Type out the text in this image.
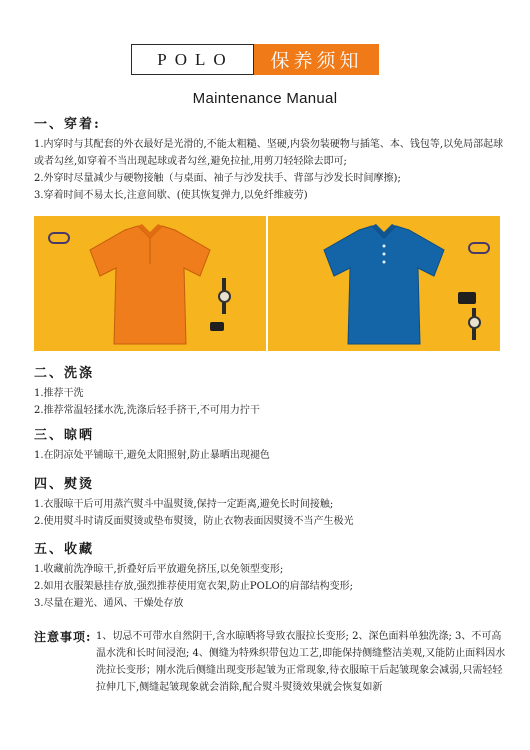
POLO	保养须知
Maintenance Manual
一、穿着:

1.内穿时与其配套的外衣最好是光滑的,不能太粗糙、坚硬,内袋勿装硬物与插笔、本、钱包等,以免局部起球或者勾丝,如穿着不当出现起球或者勾丝,避免拉扯,用剪刀轻轻除去即可;

2.外穿时尽量减少与硬物接触（与桌面、袖子与沙发扶手、背部与沙发长时间摩擦);

3.穿着时间不易太长,注意间歇、(使其恢复弹力,以免纤维疲劳)

二、洗涤

1.推荐干洗

2.推荐常温轻揉水洗,洗涤后轻手挤干,不可用力拧干

三、晾晒

1.在阴凉处平铺晾干,避免太阳照射,防止暴晒出现褪色

四、熨烫

1.衣服晾干后可用蒸汽熨斗中温熨烫,保持一定距离,避免长时间接触;

2.使用熨斗时请反面熨烫或垫布熨烫，防止衣物表面因熨烫不当产生极光

五、收藏

1.收藏前洗净晾干,折叠好后平放避免挤压,以免领型变形;

2.如用衣服架悬挂存放,强烈推荐使用宽衣架,防止POLO的肩部结构变形;

3.尽量在避光、通风、干燥处存放

注意事项: 1、切忌不可带水自然阴干,含水晾晒将导致衣服拉长变形; 2、深色面料单独洗涤; 3、不可高温水洗和长时间浸泡; 4、侧缝为特殊织带包边工艺,即能保持侧缝整洁美观,又能防止面料因水洗拉长变形；刚水洗后侧缝出现变形起皱为正常现象,待衣服晾干后起皱现象会减弱,只需轻轻拉伸几下,侧缝起皱现象就会消除,配合熨斗熨烫效果就会恢复如新
